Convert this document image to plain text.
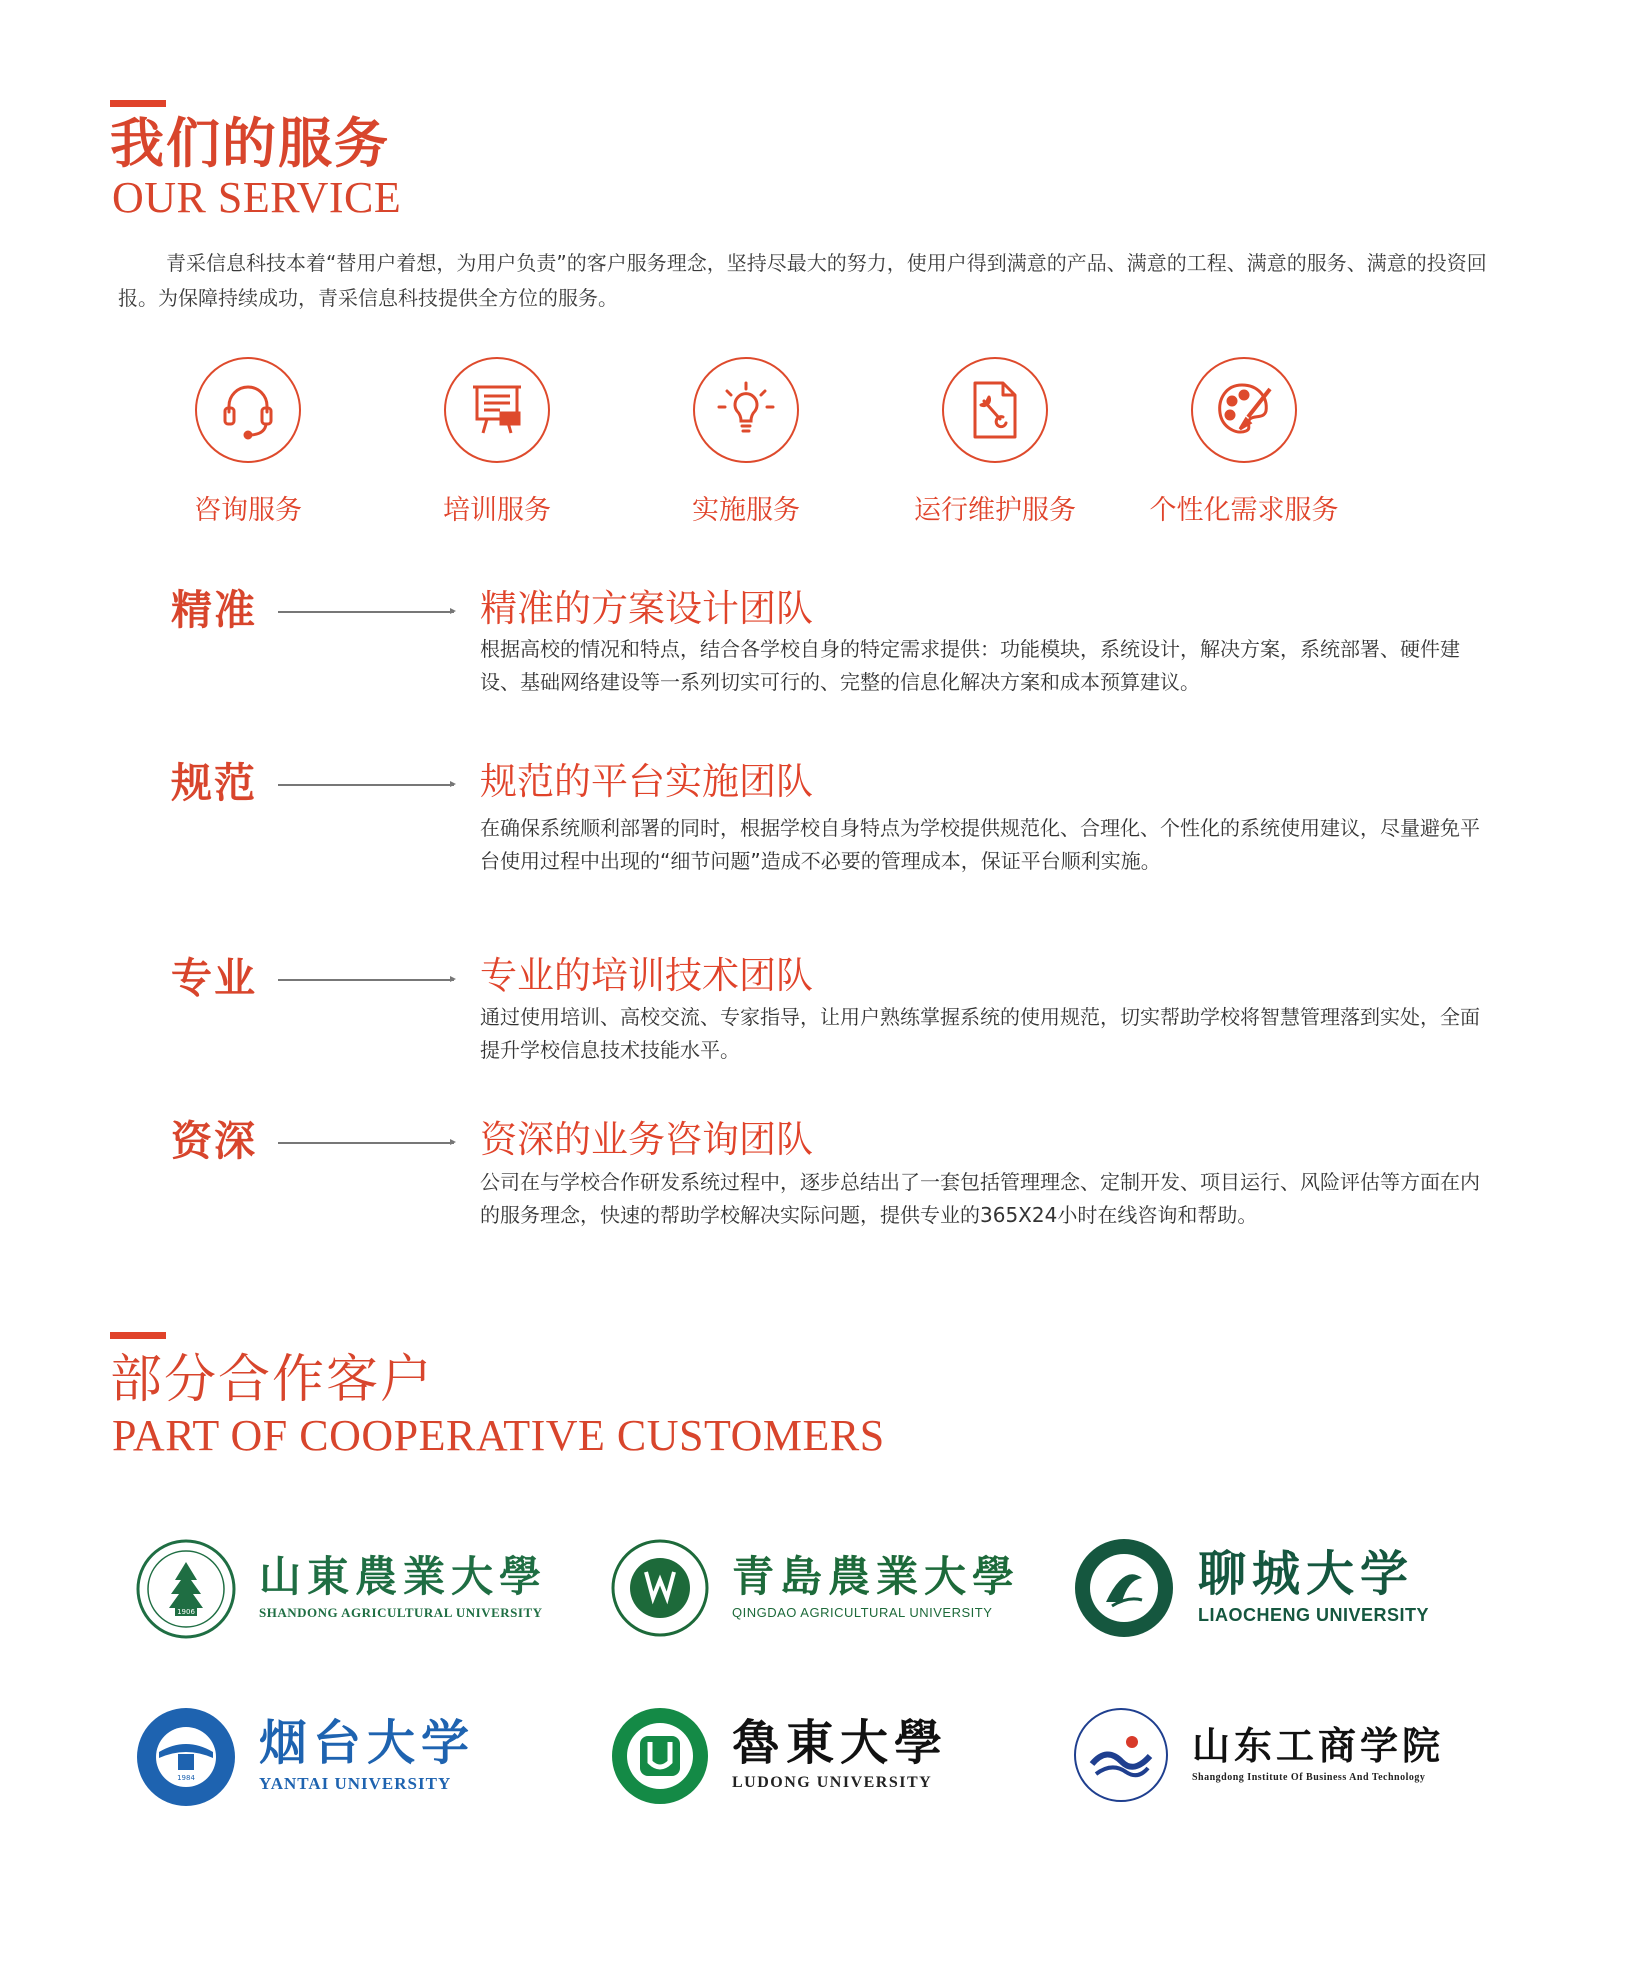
我们的服务
OUR SERVICE
青采信息科技本着“替用户着想，为用户负责”的客户服务理念，坚持尽最大的努力，使用户得到满意的产品、满意的工程、满意的服务、满意的投资回报。为保障持续成功，青采信息科技提供全方位的服务。
咨询服务	培训服务	实施服务	运行维护服务	个性化需求服务
精准	精准的方案设计团队
根据高校的情况和特点，结合各学校自身的特定需求提供：功能模块，系统设计，解决方案，系统部署、硬件建设、基础网络建设等一系列切实可行的、完整的信息化解决方案和成本预算建议。
规范	规范的平台实施团队
在确保系统顺利部署的同时，根据学校自身特点为学校提供规范化、合理化、个性化的系统使用建议，尽量避免平台使用过程中出现的“细节问题”造成不必要的管理成本，保证平台顺利实施。
专业	专业的培训技术团队
通过使用培训、高校交流、专家指导，让用户熟练掌握系统的使用规范，切实帮助学校将智慧管理落到实处，全面提升学校信息技术技能水平。
资深	资深的业务咨询团队
公司在与学校合作研发系统过程中，逐步总结出了一套包括管理理念、定制开发、项目运行、风险评估等方面在内的服务理念，快速的帮助学校解决实际问题，提供专业的365X24小时在线咨询和帮助。
部分合作客户
PART OF COOPERATIVE CUSTOMERS
1906
山東農業大學
SHANDONG AGRICULTURAL UNIVERSITY	1951
青島農業大學
QINGDAO AGRICULTURAL UNIVERSITY
聊城大学
LIAOCHENG UNIVERSITY
1984
烟台大学
YANTAI UNIVERSITY
魯東大學
LUDONG UNIVERSITY
山东工商学院
Shangdong Institute Of Business And Technology
